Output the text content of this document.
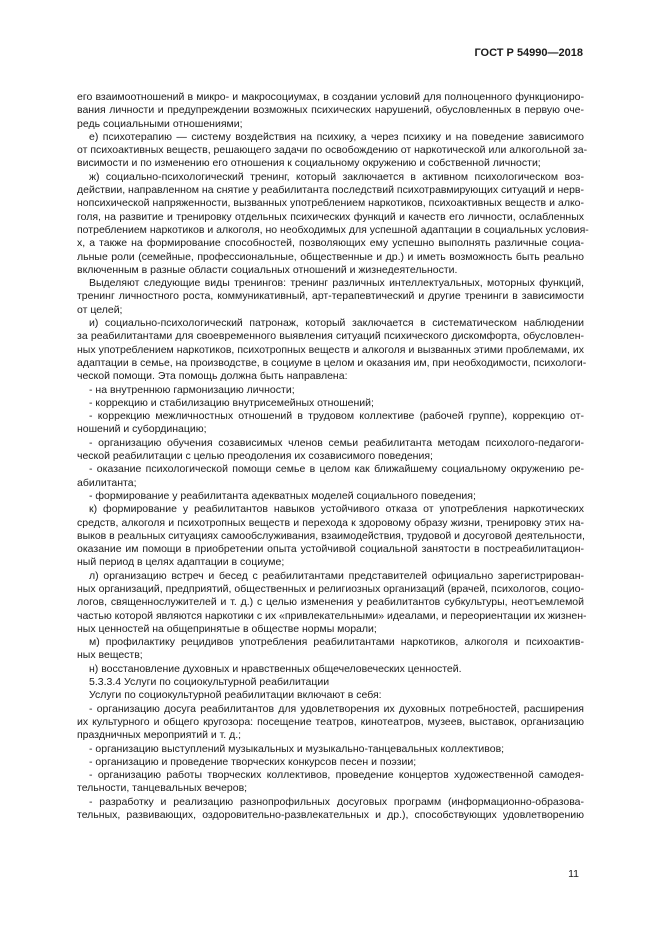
ГОСТ Р 54990—2018
его взаимоотношений в микро- и макросоциумах, в создании условий для полноценного функциониро-
вания личности и предупреждении возможных психических нарушений, обусловленных в первую оче-
редь социальными отношениями;
е) психотерапию — систему воздействия на психику, а через психику и на поведение зависимого
от психоактивных веществ, решающего задачи по освобождению от наркотической или алкогольной за-
висимости и по изменению его отношения к социальному окружению и собственной личности;
ж) социально-психологический тренинг, который заключается в активном психологическом воз-
действии, направленном на снятие у реабилитанта последствий психотравмирующих ситуаций и нерв-
нопсихической напряженности, вызванных употреблением наркотиков, психоактивных веществ и алко-
голя, на развитие и тренировку отдельных психических функций и качеств его личности, ослабленных
потреблением наркотиков и алкоголя, но необходимых для успешной адаптации в социальных условия-
х, а также на формирование способностей, позволяющих ему успешно выполнять различные социа-
льные роли (семейные, профессиональные, общественные и др.) и иметь возможность быть реально
включенным в разные области социальных отношений и жизнедеятельности.
Выделяют следующие виды тренингов: тренинг различных интеллектуальных, моторных функций,
тренинг личностного роста, коммуникативный, арт-терапевтический и другие тренинги в зависимости
от целей;
и) социально-психологический патронаж, который заключается в систематическом наблюдении
за реабилитантами для своевременного выявления ситуаций психического дискомфорта, обусловлен-
ных употреблением наркотиков, психотропных веществ и алкоголя и вызванных этими проблемами, их
адаптации в семье, на производстве, в социуме в целом и оказания им, при необходимости, психологи-
ческой помощи. Эта помощь должна быть направлена:
- на внутреннюю гармонизацию личности;
- коррекцию и стабилизацию внутрисемейных отношений;
- коррекцию межличностных отношений в трудовом коллективе (рабочей группе), коррекцию от-
ношений и субординацию;
- организацию обучения созависимых членов семьи реабилитанта методам психолого-педагоги-
ческой реабилитации с целью преодоления их созависимого поведения;
- оказание психологической помощи семье в целом как ближайшему социальному окружению ре-
абилитанта;
- формирование у реабилитанта адекватных моделей социального поведения;
к) формирование у реабилитантов навыков устойчивого отказа от употребления наркотических
средств, алкоголя и психотропных веществ и перехода к здоровому образу жизни, тренировку этих на-
выков в реальных ситуациях самообслуживания, взаимодействия, трудовой и досуговой деятельности,
оказание им помощи в приобретении опыта устойчивой социальной занятости в постреабилитацион-
ный период в целях адаптации в социуме;
л) организацию встреч и бесед с реабилитантами представителей официально зарегистрирован-
ных организаций, предприятий, общественных и религиозных организаций (врачей, психологов, социо-
логов, священнослужителей и т. д.) с целью изменения у реабилитантов субкультуры, неотъемлемой
частью которой являются наркотики с их «привлекательными» идеалами, и переориентации их жизнен-
ных ценностей на общепринятые в обществе нормы морали;
м) профилактику рецидивов употребления реабилитантами наркотиков, алкоголя и психоактив-
ных веществ;
н) восстановление духовных и нравственных общечеловеческих ценностей.
5.3.3.4 Услуги по социокультурной реабилитации
Услуги по социокультурной реабилитации включают в себя:
- организацию досуга реабилитантов для удовлетворения их духовных потребностей, расширения
их культурного и общего кругозора: посещение театров, кинотеатров, музеев, выставок, организацию
праздничных мероприятий и т. д.;
- организацию выступлений музыкальных и музыкально-танцевальных коллективов;
- организацию и проведение творческих конкурсов песен и поэзии;
- организацию работы творческих коллективов, проведение концертов художественной самодея-
тельности, танцевальных вечеров;
- разработку и реализацию разнопрофильных досуговых программ (информационно-образова-
тельных, развивающих, оздоровительно-развлекательных и др.), способствующих удовлетворению
11
